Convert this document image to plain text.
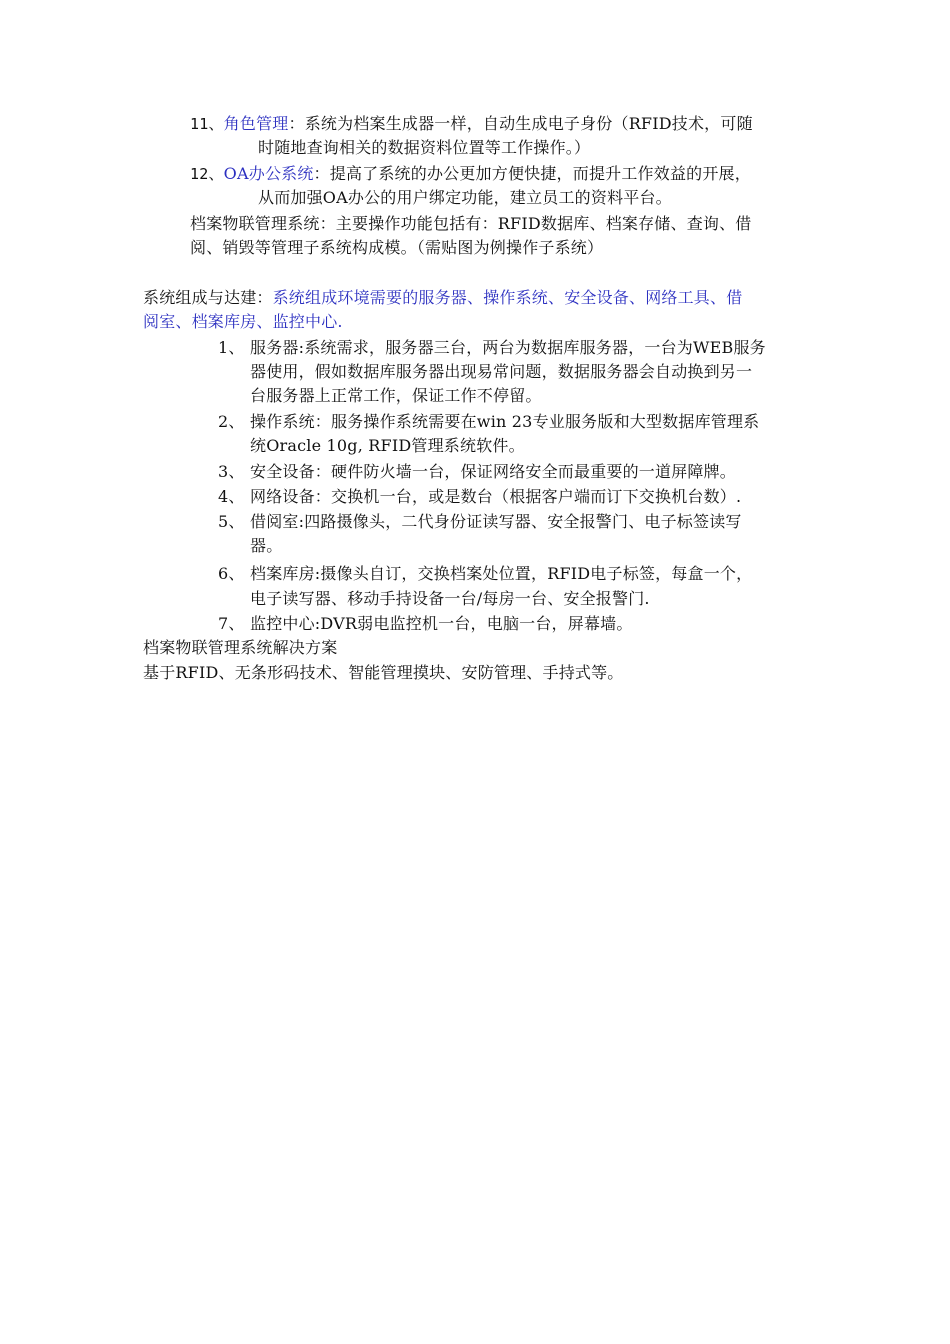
11、角色管理：系统为档案生成器一样，自动生成电子身份（RFID技术，可随
时随地查询相关的数据资料位置等工作操作。）
12、OA办公系统：提高了系统的办公更加方便快捷，而提升工作效益的开展，
从而加强OA办公的用户绑定功能，建立员工的资料平台。
档案物联管理系统：主要操作功能包括有：RFID数据库、档案存储、查询、借
阅、销毁等管理子系统构成模。（需贴图为例操作子系统）
系统组成与达建：系统组成环境需要的服务器、操作系统、安全设备、网络工具、借
阅室、档案库房、监控中心.
1、 服务器:系统需求，服务器三台，两台为数据库服务器，一台为WEB服务
器使用，假如数据库服务器出现易常问题，数据服务器会自动换到另一
台服务器上正常工作，保证工作不停留。
2、 操作系统：服务操作系统需要在win 23专业服务版和大型数据库管理系
统Oracle 10g, RFID管理系统软件。
3、 安全设备：硬件防火墙一台，保证网络安全而最重要的一道屏障牌。
4、 网络设备：交换机一台，或是数台（根据客户端而订下交换机台数）.
5、 借阅室:四路摄像头，二代身份证读写器、安全报警门、电子标签读写
器。
6、 档案库房:摄像头自订，交换档案处位置，RFID电子标签，每盒一个，
电子读写器、移动手持设备一台/每房一台、安全报警门.
7、 监控中心:DVR弱电监控机一台，电脑一台，屏幕墙。
档案物联管理系统解决方案
基于RFID、无条形码技术、智能管理摸块、安防管理、手持式等。
